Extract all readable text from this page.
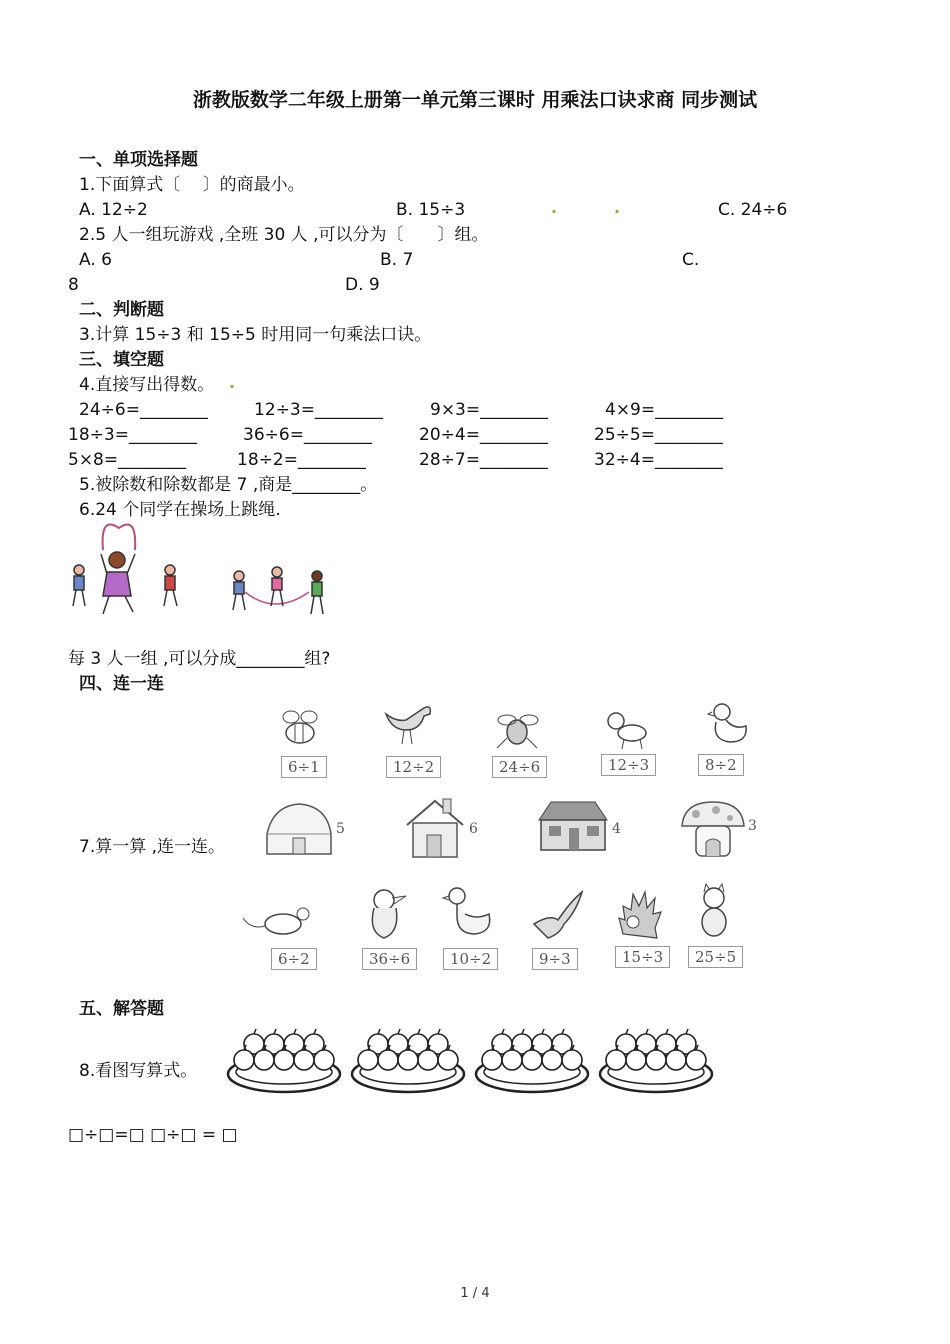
浙教版数学二年级上册第一单元第三课时 用乘法口诀求商 同步测试
一、单项选择题
1.下面算式〔　 〕的商最小。
A. 12÷2	B. 15÷3	.	.	C. 24÷6
2.5 人一组玩游戏 ,全班 30 人 ,可以分为〔　　〕组。
A. 6	B. 7	C.
8	D. 9
二、判断题
3.计算 15÷3 和 15÷5 时用同一句乘法口诀。
三、填空题
4.直接写出得数。 .
24÷6=________	12÷3=________	9×3=________	4×9=________
18÷3=________	36÷6=________	20÷4=________	25÷5=________
5×8=________	18÷2=________	28÷7=________	32÷4=________
5.被除数和除数都是 7 ,商是________。
6.24 个同学在操场上跳绳.
每 3 人一组 ,可以分成________组?
四、连一连
6÷1	12÷2	24÷6	12÷3	8÷2
7.算一算 ,连一连。
5	6	4	3
6÷2	36÷6	10÷2	9÷3	15÷3	25÷5
五、解答题
8.看图写算式。
□÷□=□ □÷□ = □
1 / 4
